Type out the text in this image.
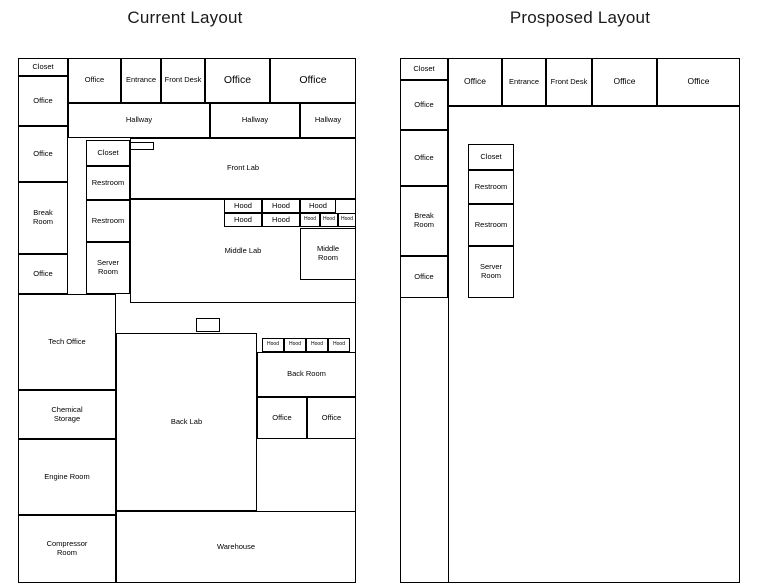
Current Layout	Prosposed Layout
Closet
Office
Office
Break
Room
Office
Tech Office
Chemical
Storage
Engine Room
Compressor
Room
Office	Entrance Front Desk Office	Office
Hallway	Hallway	Hallway
Closet
Restroom
Restroom
Server
Room

Front Lab
Middle Lab	Middle
Room
Back Lab
Back Room
Office	Office
Warehouse
Hood	Hood	Hood
Hood	Hood	Hood Hood Hood
Hood Hood Hood Hood
Closet
Office
Office
Break
Room
Office
Office	Entrance Front Desk	Office	Office
Closet
Restroom
Restroom
Server
Room
